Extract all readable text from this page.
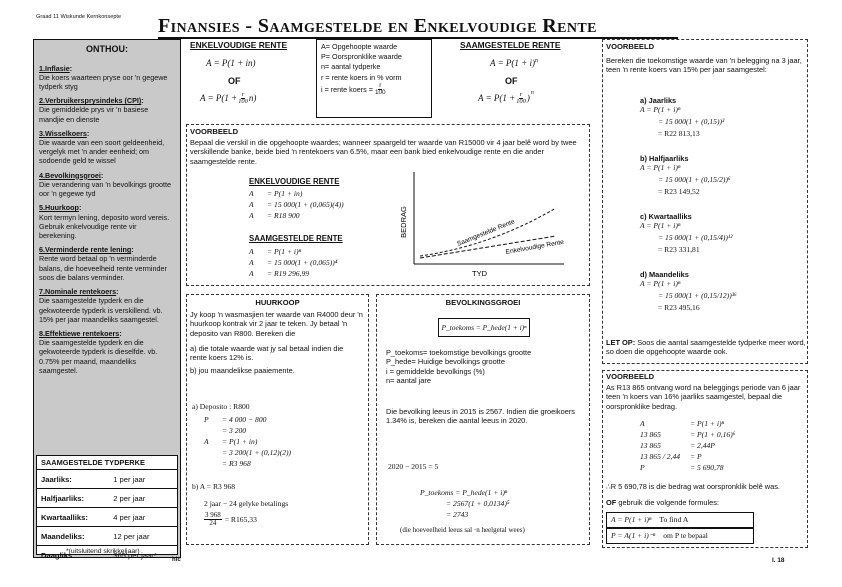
Graad 11 Wiskunde Kernkonsepte	Finansies - Saamgestelde en Enkelvoudige Rente
ONTHOU:
1.Inflasie:
Die koers waarteen pryse oor 'n gegewe tydperk styg
2.Verbruikersprysindeks (CPI):
Die gemiddelde prys vir 'n basiese mandjie en dienste
3.Wisselkoers:
Die waarde van een soort geldeenheid, vergelyk met 'n ander eenheid; om sodoende geld te wissel
4.Bevolkingsgroei:
Die verandering van 'n bevolkings grootte oor 'n gegewe tyd
5.Huurkoop:
Kort termyn lening, deposito word vereis. Gebruik enkelvoudige rente vir berekening.
6.Verminderde rente lening:
Rente word betaal op 'n verminderde balans, die hoeveelheid rente verminder soos die balans verminder.
7.Nominale rentekoers:
Die saamgestelde typderk en die gekwoteerde typderk is verskillend. vb. 15% per jaar maandeliks saamgestel.
8.Effektiewe rentekoers:
Die saamgestelde typderk en die gekwoteerde typderk is dieselfde. vb. 0.75% per maand, maandeliks saamgestel.
SAAMGESTELDE TYDPERKE
Jaarliks:	1 per jaar
Halfjaarliks:	2 per jaar
Kwartaalliks:	4 per jaar
Maandeliks:	12 per jaar
Daagliks:	365 per jaar*
*(uitsluitend skrikkeljaar)
ENKELVOUDIGE RENTE
A = P(1 + in)
OF
$A = P(1 + \frac{r}{100} n)$
A= Opgehoopte waarde
P= Oorspronklike waarde
n= aantal tydperke
r = rente koers in % vorm
i = rente koers = $\frac{r}{100}$
SAAMGESTELDE RENTE
$A = P(1 + i)^n$
OF
$A = P(1 + \frac{r}{100}$ )
$^n$
VOORBEELD
Bepaal die verskil in die opgehoopte waardes; wanneer spaargeld ter waarde van R15000 vir 4 jaar belê word by twee verskillende banke, beide bied 'n rentekoers van 6.5%, maar een bank bied enkelvoudige rente en die ander saamgestelde rente.
ENKELVOUDIGE RENTE
A	= P(1 + in)
A	= 15 000(1 + (0,065)(4))
A	= R18 900
SAAMGESTELDE RENTE
A	= P(1 + i)ⁿ
A	= 15 000(1 + (0,065))⁴
A	= R19 296,99
BEDRAG	Saamgestelde Rente
Enkelvoudige Rente
TYD
HUURKOOP
Jy koop 'n wasmasjien ter waarde van R4000 deur 'n huurkoop kontrak vir 2 jaar te teken. Jy betaal 'n deposito van R800. Bereken die
a) die totale waarde wat jy sal betaal indien die rente koers 12% is.
b) jou maandelikse paaiemente.
a) Deposito : R800
P	= 4 000 − 800
= 3 200
A	= P(1 + in)
= 3 200(1 + (0,12)(2))
= R3 968
b) A = R3 968
2 jaar − 24 gelyke betalings
$\frac{3 968}{24} = R165,33$
BEVOLKINGSGROEI
P_toekoms = P_hede(1 + i)ⁿ
P_toekoms= toekomstige bevolkings grootte
P_hede= Huidige bevolkings grootte
i = gemiddelde bevolkings (%)
n= aantal jare
Die bevolking leeus in 2015 is 2567. Indien die groeikoers 1.34% is, bereken die aantal leeus in 2020.
2020 − 2015 = 5
P_toekoms = P_hede(1 + i)ⁿ
= 2567(1 + 0,0134)⁵
= 2743
(die hoeveelheid leeus sal ·n heelgetal wees)
VOORBEELD
Bereken die toekomstige waarde van 'n belegging na 3 jaar, teen 'n rente koers van 15% per jaar saamgestel:
a) Jaarliks
A = P(1 + i)ⁿ
= 15 000(1 + (0,15))³
= R22 813,13
b) Halfjaarliks
A = P(1 + i)ⁿ
= 15 000(1 + (0,15/2))⁶
= R23 149,52
c) Kwartaalliks
A = P(1 + i)ⁿ
= 15 000(1 + (0,15/4))¹²
= R23 331,81
d) Maandeliks
A = P(1 + i)ⁿ
= 15 000(1 + (0,15/12))³⁶
= R23 495,16
LET OP: Soos die aantal saamgestelde tydperke meer word, so doen die opgehoopte waarde ook.
VOORBEELD
As R13 865 ontvang word na beleggings periode van 6 jaar teen 'n koers van 16% jaarliks saamgestel, bepaal die oorspronklike bedrag.
A	= P(1 + i)ⁿ
13 865	= P(1 + 0,16)⁶
13 865	= 2,44P
13 865 / 2,44	= P
P	= 5 690,78
∴R 5 690,78 is die bedrag wat oorspronklik belê was.
OF gebruik die volgende formules:
A = P(1 + i)ⁿ To find A
P = A(1 + i)⁻ⁿ om P te bepaal
hic	l. 18
